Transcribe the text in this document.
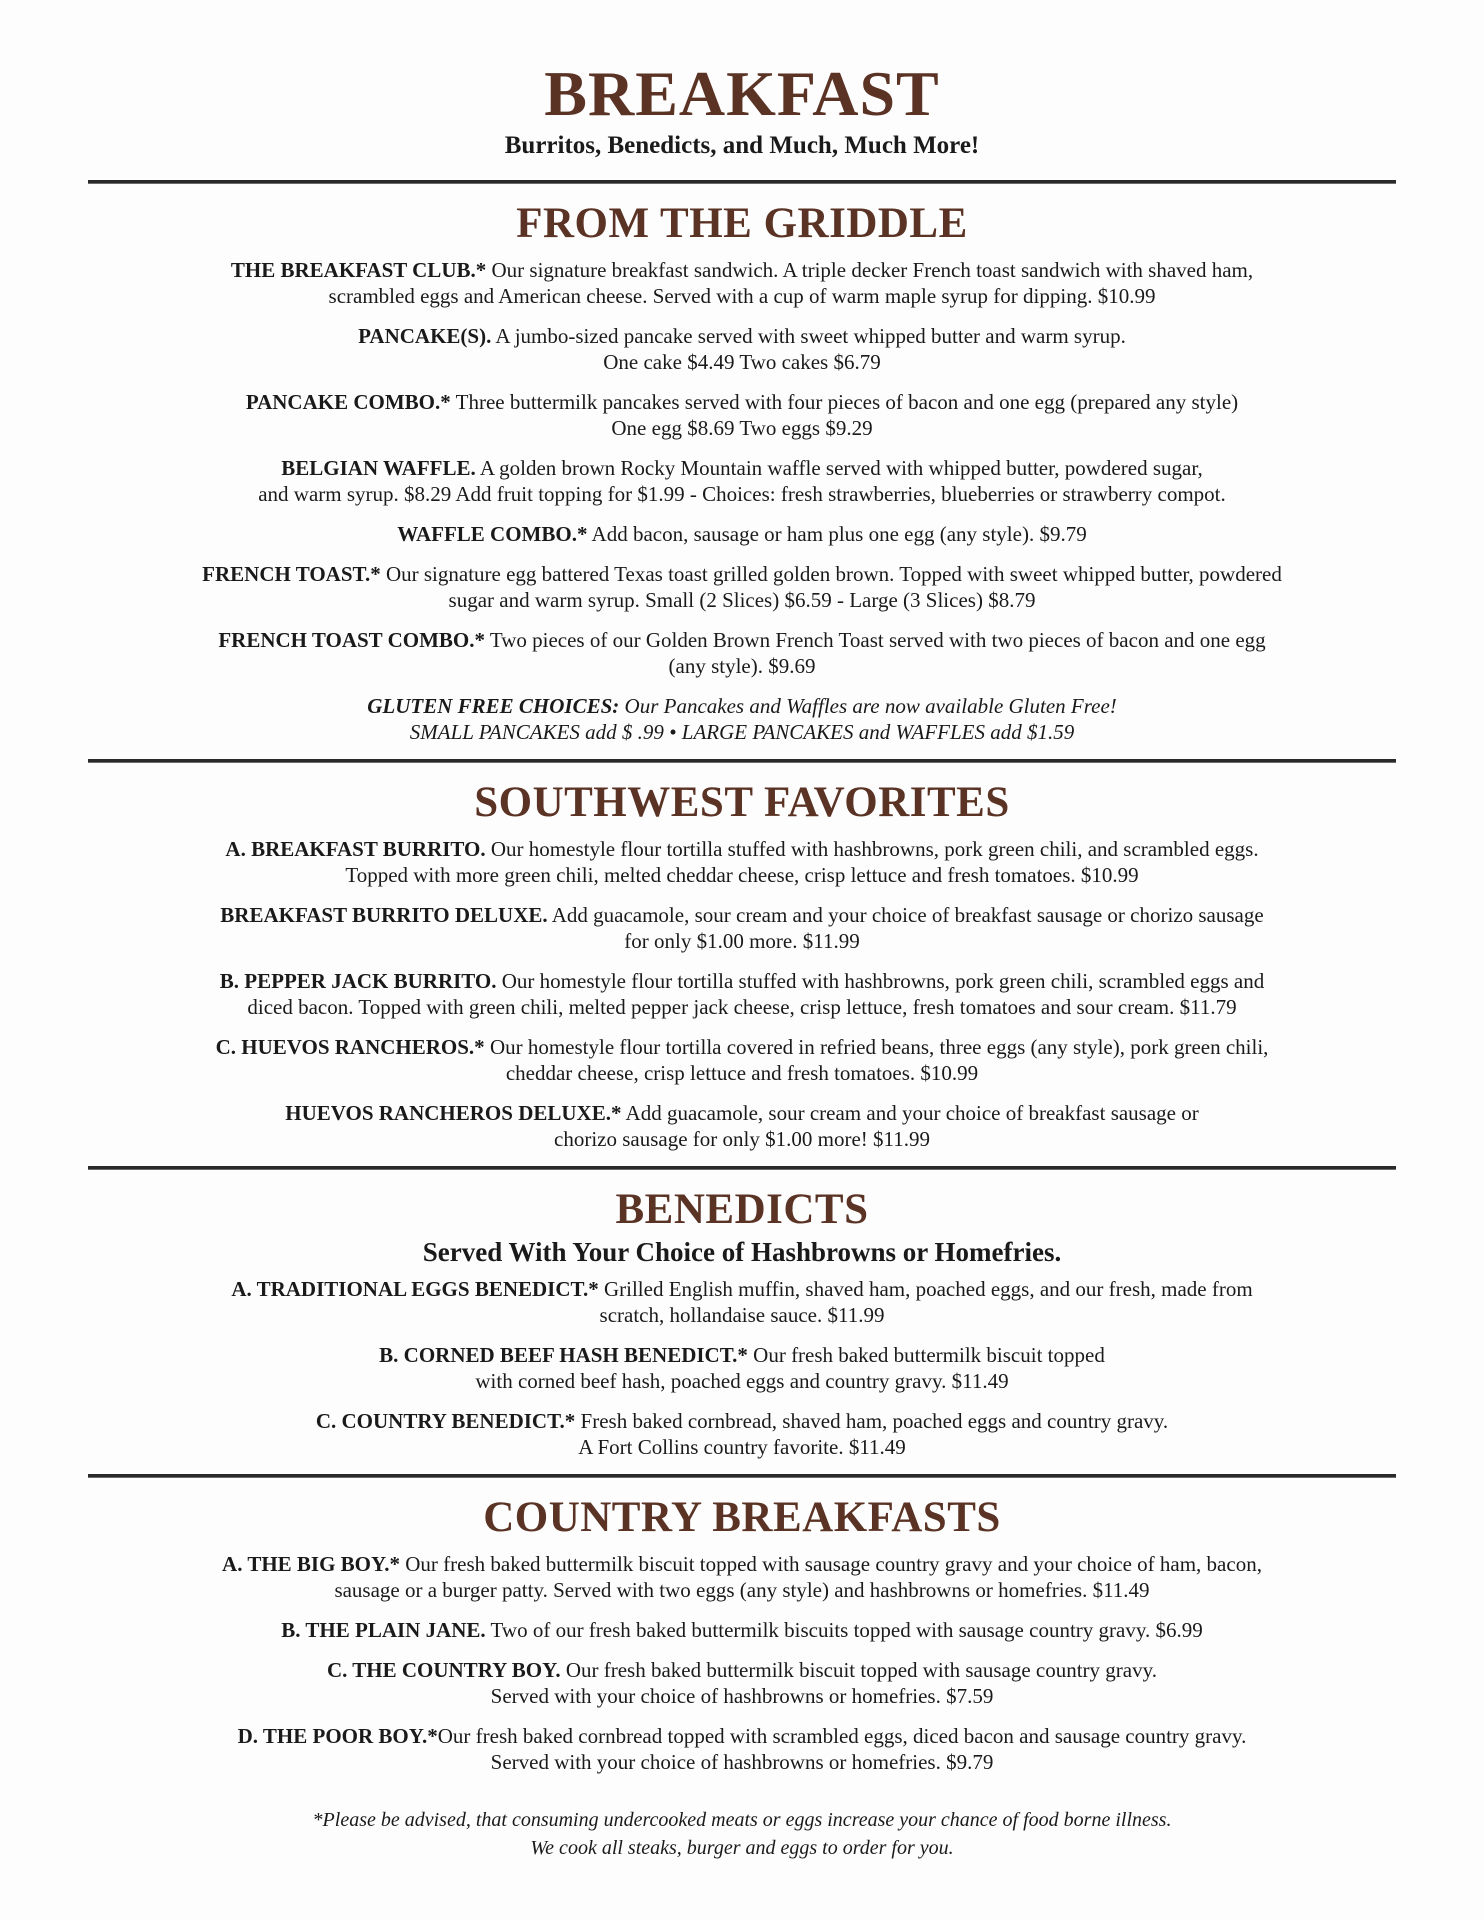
BREAKFAST

Burritos, Benedicts, and Much, Much More!

FROM THE GRIDDLE

THE BREAKFAST CLUB.* Our signature breakfast sandwich. A triple decker French toast sandwich with shaved ham,
scrambled eggs and American cheese. Served with a cup of warm maple syrup for dipping. $10.99

PANCAKE(S). A jumbo-sized pancake served with sweet whipped butter and warm syrup.
One cake $4.49 Two cakes $6.79

PANCAKE COMBO.* Three buttermilk pancakes served with four pieces of bacon and one egg (prepared any style)
One egg $8.69 Two eggs $9.29

BELGIAN WAFFLE. A golden brown Rocky Mountain waffle served with whipped butter, powdered sugar,
and warm syrup. $8.29 Add fruit topping for $1.99 - Choices: fresh strawberries, blueberries or strawberry compot.

WAFFLE COMBO.* Add bacon, sausage or ham plus one egg (any style). $9.79

FRENCH TOAST.* Our signature egg battered Texas toast grilled golden brown. Topped with sweet whipped butter, powdered
sugar and warm syrup. Small (2 Slices) $6.59 - Large (3 Slices) $8.79

FRENCH TOAST COMBO.* Two pieces of our Golden Brown French Toast served with two pieces of bacon and one egg
(any style). $9.69

GLUTEN FREE CHOICES: Our Pancakes and Waffles are now available Gluten Free!
SMALL PANCAKES add $ .99 • LARGE PANCAKES and WAFFLES add $1.59

SOUTHWEST FAVORITES

A. BREAKFAST BURRITO. Our homestyle flour tortilla stuffed with hashbrowns, pork green chili, and scrambled eggs.
Topped with more green chili, melted cheddar cheese, crisp lettuce and fresh tomatoes. $10.99

BREAKFAST BURRITO DELUXE. Add guacamole, sour cream and your choice of breakfast sausage or chorizo sausage
for only $1.00 more. $11.99

B. PEPPER JACK BURRITO. Our homestyle flour tortilla stuffed with hashbrowns, pork green chili, scrambled eggs and
diced bacon. Topped with green chili, melted pepper jack cheese, crisp lettuce, fresh tomatoes and sour cream. $11.79

C. HUEVOS RANCHEROS.* Our homestyle flour tortilla covered in refried beans, three eggs (any style), pork green chili,
cheddar cheese, crisp lettuce and fresh tomatoes. $10.99

HUEVOS RANCHEROS DELUXE.* Add guacamole, sour cream and your choice of breakfast sausage or
chorizo sausage for only $1.00 more! $11.99

BENEDICTS

Served With Your Choice of Hashbrowns or Homefries.

A. TRADITIONAL EGGS BENEDICT.* Grilled English muffin, shaved ham, poached eggs, and our fresh, made from
scratch, hollandaise sauce. $11.99

B. CORNED BEEF HASH BENEDICT.* Our fresh baked buttermilk biscuit topped
with corned beef hash, poached eggs and country gravy. $11.49

C. COUNTRY BENEDICT.* Fresh baked cornbread, shaved ham, poached eggs and country gravy.
A Fort Collins country favorite. $11.49

COUNTRY BREAKFASTS

A. THE BIG BOY.* Our fresh baked buttermilk biscuit topped with sausage country gravy and your choice of ham, bacon,
sausage or a burger patty. Served with two eggs (any style) and hashbrowns or homefries. $11.49

B. THE PLAIN JANE. Two of our fresh baked buttermilk biscuits topped with sausage country gravy. $6.99

C. THE COUNTRY BOY. Our fresh baked buttermilk biscuit topped with sausage country gravy.
Served with your choice of hashbrowns or homefries. $7.59

D. THE POOR BOY.*Our fresh baked cornbread topped with scrambled eggs, diced bacon and sausage country gravy.
Served with your choice of hashbrowns or homefries. $9.79

*Please be advised, that consuming undercooked meats or eggs increase your chance of food borne illness.
We cook all steaks, burger and eggs to order for you.
